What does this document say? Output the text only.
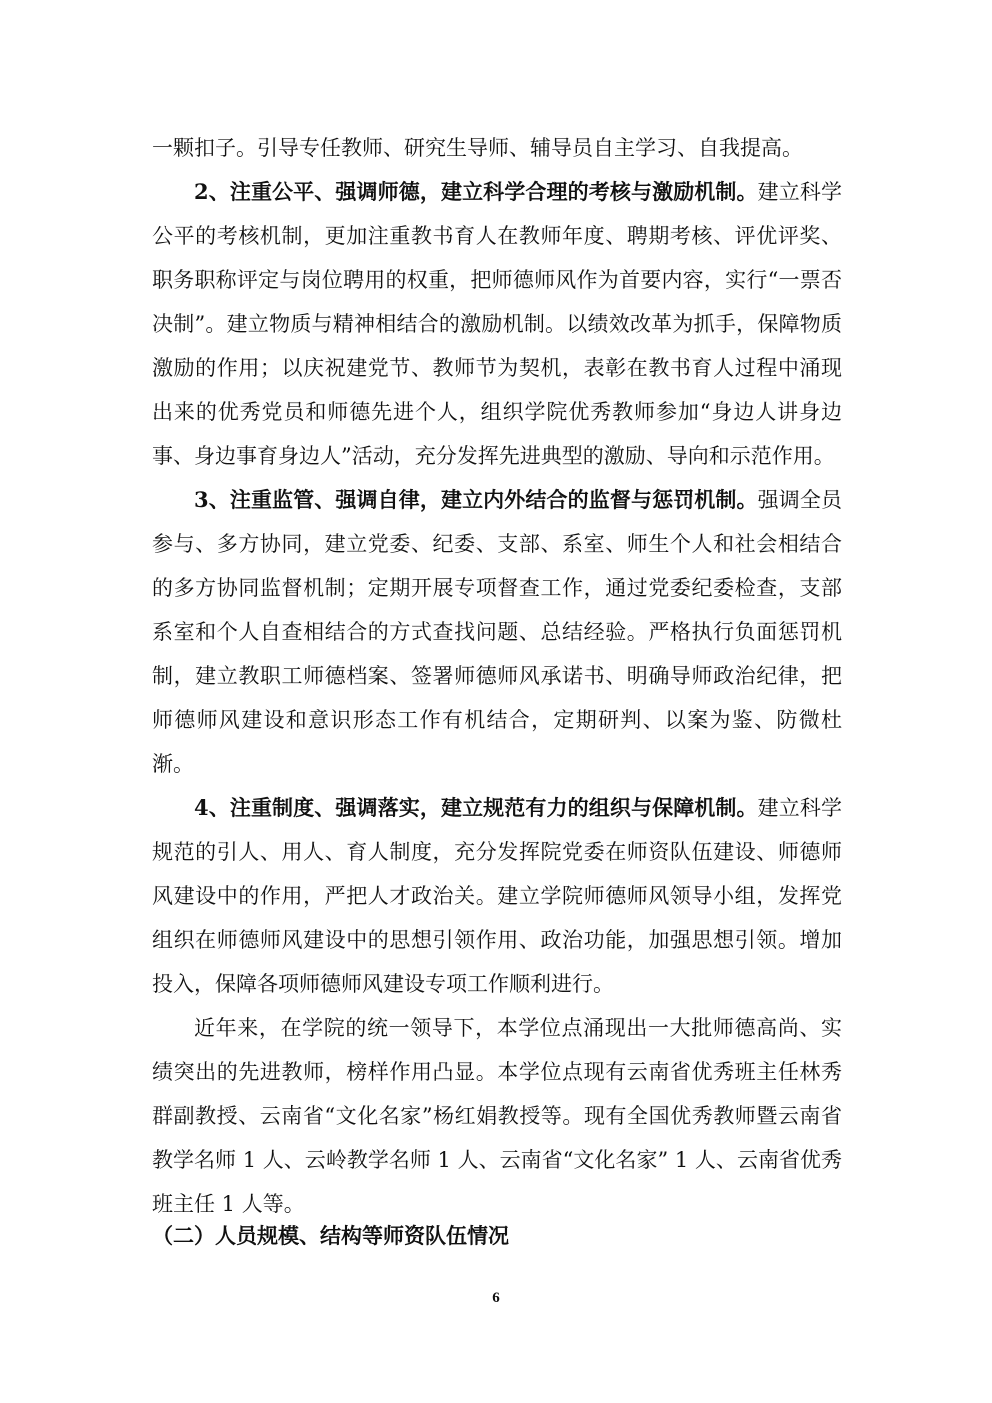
一颗扣子。引导专任教师、研究生导师、辅导员自主学习、自我提高。

2、注重公平、强调师德，建立科学合理的考核与激励机制。建立科学公平的考核机制，更加注重教书育人在教师年度、聘期考核、评优评奖、职务职称评定与岗位聘用的权重，把师德师风作为首要内容，实行“一票否决制”。建立物质与精神相结合的激励机制。以绩效改革为抓手，保障物质激励的作用；以庆祝建党节、教师节为契机，表彰在教书育人过程中涌现出来的优秀党员和师德先进个人，组织学院优秀教师参加“身边人讲身边事、身边事育身边人”活动，充分发挥先进典型的激励、导向和示范作用。

3、注重监管、强调自律，建立内外结合的监督与惩罚机制。强调全员参与、多方协同，建立党委、纪委、支部、系室、师生个人和社会相结合的多方协同监督机制；定期开展专项督查工作，通过党委纪委检查，支部系室和个人自查相结合的方式查找问题、总结经验。严格执行负面惩罚机制，建立教职工师德档案、签署师德师风承诺书、明确导师政治纪律，把师德师风建设和意识形态工作有机结合，定期研判、以案为鉴、防微杜渐。

4、注重制度、强调落实，建立规范有力的组织与保障机制。建立科学规范的引人、用人、育人制度，充分发挥院党委在师资队伍建设、师德师风建设中的作用，严把人才政治关。建立学院师德师风领导小组，发挥党组织在师德师风建设中的思想引领作用、政治功能，加强思想引领。增加投入，保障各项师德师风建设专项工作顺利进行。

近年来，在学院的统一领导下，本学位点涌现出一大批师德高尚、实绩突出的先进教师，榜样作用凸显。本学位点现有云南省优秀班主任林秀群副教授、云南省“文化名家”杨红娟教授等。现有全国优秀教师暨云南省教学名师 1 人、云岭教学名师 1 人、云南省“文化名家” 1 人、云南省优秀班主任 1 人等。

（二）人员规模、结构等师资队伍情况
6
